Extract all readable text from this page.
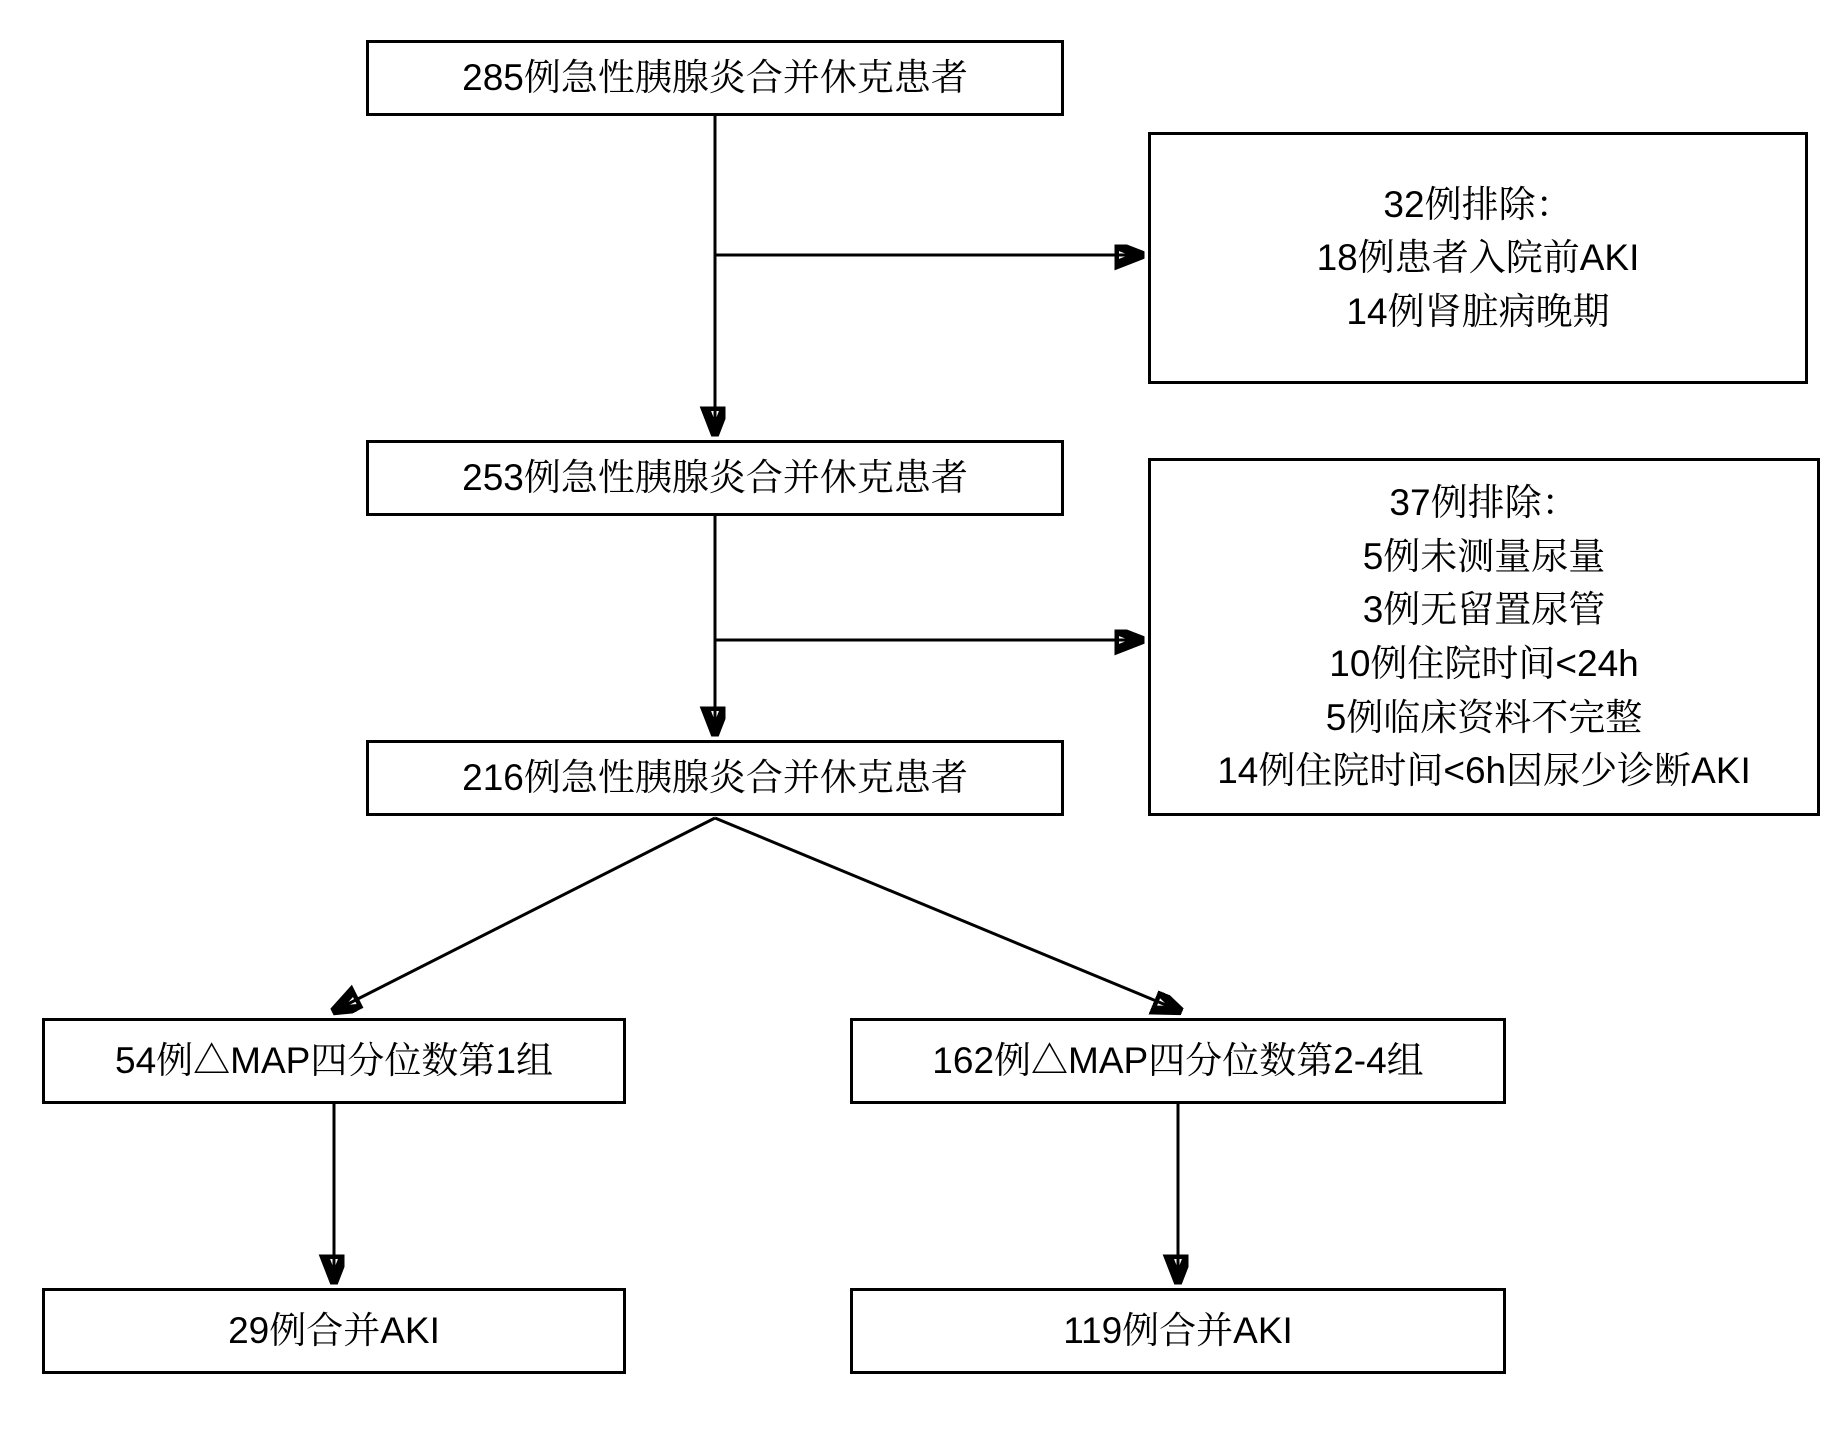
285例急性胰腺炎合并休克患者
32例排除：
18例患者入院前AKI
14例肾脏病晚期
253例急性胰腺炎合并休克患者
37例排除：
5例未测量尿量
3例无留置尿管
10例住院时间<24h
5例临床资料不完整
14例住院时间<6h因尿少诊断AKI
216例急性胰腺炎合并休克患者
54例△MAP四分位数第1组	162例△MAP四分位数第2-4组
29例合并AKI	119例合并AKI
